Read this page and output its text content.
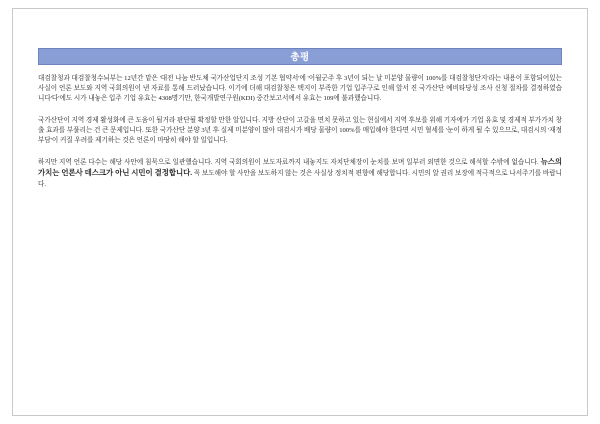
총평

대검찰청과 대검찰청수뇌부는 12년간 맡은 '대전 나눔 반도체 국가산업단지 조성 기본 협약서'에 '이월군주 후 3년이 되는 날 미분양 물량이 100%를 대검찰청단지'라는 내용이 포함되어있는 사실이 언론 보도와 지역 국회의원이 낸 자료를 통해 드러났습니다. 이기에 더해 대검찰청은 택지이 부족한 기업 입주구로 인해 앞서 진 국가산단 예비타당성 조사 신청 절차를 결정하였습니다'다'에도 시가 내놓은 입주 기업 유효는 4308명기만, 한국개발연구원(KDI) 중간보고서에서 유효는 109에 불과했습니다.

국가산단이 지역 경제 활성화에 큰 도움이 될거라 판단될 확정할 만한 알입니다. 지방 산단이 고갈을 면치 못하고 있는 현실에서 지역 후보를 위해 기자에가 기업 유효 및 경제적 부가가치 창출 효과를 부풀리는 건 큰 문제입니다. 또한 국가산단 분양 3년 후 실제 미분양이 많아 대검시가 배당 물량이 100%를 매입해야 한다면 시민 혈세를 '눈이 하게 될 수 있으므로, 대검시의 '재정 부담'이 커질 우려를 제기하는 것은 언론이 마땅히 해야 할 일입니다.

하지만 지역 언론 다수는 해당 사안에 침묵으로 일관했습니다. 지역 국회의원이 보도자료까지 내놓지도 자치단체장이 눈치를 보며 일부러 외면한 것으로 해석할 수밖에 없습니다. 뉴스의 가치는 언론사 데스크가 아닌 시민이 결정합니다. 꼭 보도해야 할 사안을 보도하지 않는 것은 사실상 정치적 편향에 해당합니다. 시민의 알 권리 보장에 적극적으로 나서주기를 바랍니다.
